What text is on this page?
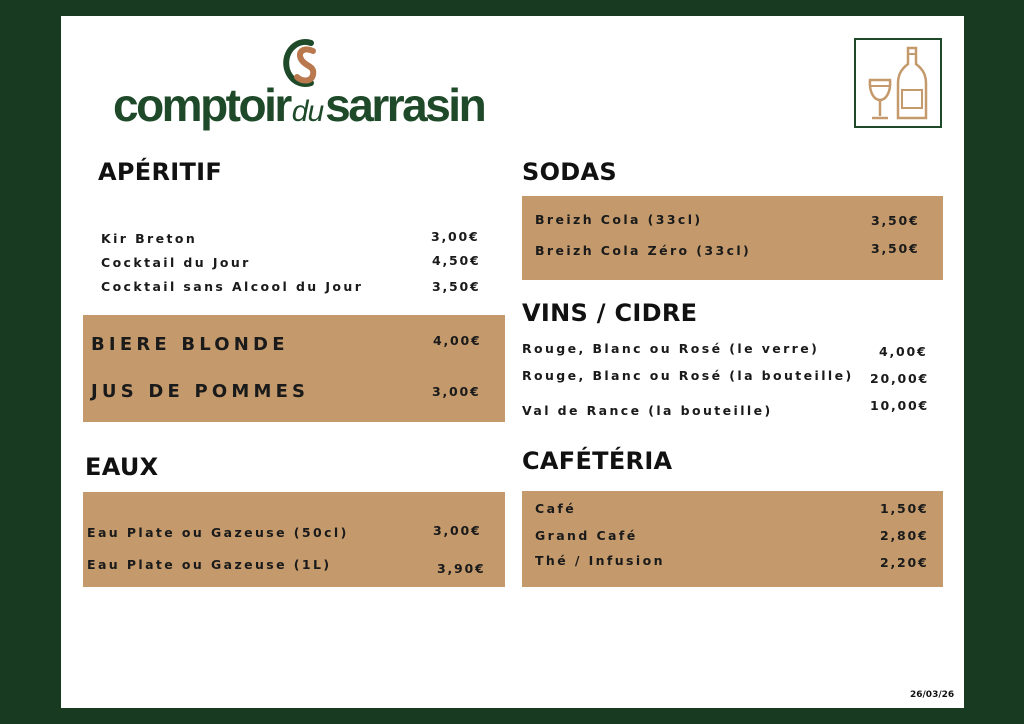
comptoirdusarrasin
APÉRITIF
Kir Breton	3,00€
Cocktail du Jour	4,50€
Cocktail sans Alcool du Jour	3,50€
BIERE BLONDE	4,00€
JUS DE POMMES	3,00€
EAUX
Eau Plate ou Gazeuse (50cl)	3,00€
Eau Plate ou Gazeuse (1L)	3,90€
SODAS
Breizh Cola (33cl)	3,50€
Breizh Cola Zéro (33cl)	3,50€
VINS / CIDRE
Rouge, Blanc ou Rosé (le verre)	4,00€
Rouge, Blanc ou Rosé (la bouteille) 20,00€
Val de Rance (la bouteille)	10,00€
CAFÉTÉRIA
Café	1,50€
Grand Café	2,80€
Thé / Infusion	2,20€
26/03/26
